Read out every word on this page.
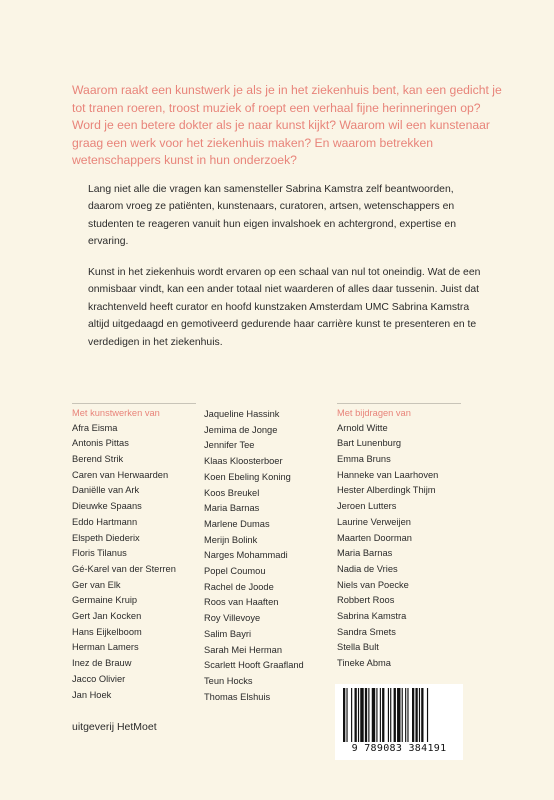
Waarom raakt een kunstwerk je als je in het ziekenhuis bent, kan een gedicht je tot tranen roeren, troost muziek of roept een verhaal fijne herinneringen op? Word je een betere dokter als je naar kunst kijkt? Waarom wil een kunstenaar graag een werk voor het ziekenhuis maken? En waarom betrekken wetenschappers kunst in hun onderzoek?

Lang niet alle die vragen kan samensteller Sabrina Kamstra zelf beantwoorden, daarom vroeg ze patiënten, kunstenaars, curatoren, artsen, wetenschappers en studenten te reageren vanuit hun eigen invalshoek en achtergrond, expertise en ervaring.

Kunst in het ziekenhuis wordt ervaren op een schaal van nul tot oneindig. Wat de een onmisbaar vindt, kan een ander totaal niet waarderen of alles daar tussenin. Juist dat krachtenveld heeft curator en hoofd kunstzaken Amsterdam UMC Sabrina Kamstra altijd uitgedaagd en gemotiveerd gedurende haar carrière kunst te presenteren en te verdedigen in het ziekenhuis.

Met kunstwerken van
Afra Eisma
Antonis Pittas
Berend Strik
Caren van Herwaarden
Daniëlle van Ark
Dieuwke Spaans
Eddo Hartmann
Elspeth Diederix
Floris Tilanus
Gé-Karel van der Sterren
Ger van Elk
Germaine Kruip
Gert Jan Kocken
Hans Eijkelboom
Herman Lamers
Inez de Brauw
Jacco Olivier
Jan Hoek
Jaqueline Hassink
Jemima de Jonge
Jennifer Tee
Klaas Kloosterboer
Koen Ebeling Koning
Koos Breukel
Maria Barnas
Marlene Dumas
Merijn Bolink
Narges Mohammadi
Popel Coumou
Rachel de Joode
Roos van Haaften
Roy Villevoye
Salim Bayri
Sarah Mei Herman
Scarlett Hooft Graafland
Teun Hocks
Thomas Elshuis
Met bijdragen van
Arnold Witte
Bart Lunenburg
Emma Bruns
Hanneke van Laarhoven
Hester Alberdingk Thijm
Jeroen Lutters
Laurine Verweijen
Maarten Doorman
Maria Barnas
Nadia de Vries
Niels van Poecke
Robbert Roos
Sabrina Kamstra
Sandra Smets
Stella Bult
Tineke Abma
uitgeverij HetMoet
9 789083 384191
